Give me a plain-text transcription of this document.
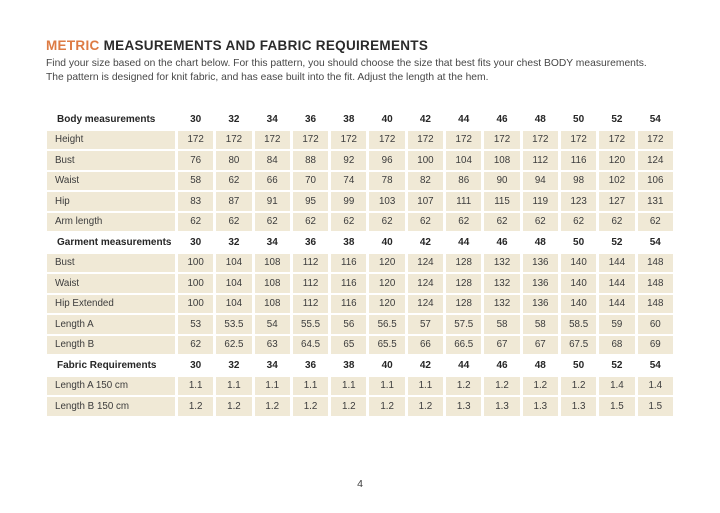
METRIC MEASUREMENTS AND FABRIC REQUIREMENTS
Find your size based on the chart below. For this pattern, you should choose the size that best fits your chest BODY measurements.
The pattern is designed for knit fabric, and has ease built into the fit. Adjust the length at the hem.
Body measurements	30	32	34	36	38	40	42	44	46	48	50	52	54
Height	172	172	172	172	172	172	172	172	172	172	172	172	172
Bust	76	80	84	88	92	96	100	104	108	112	116	120	124
Waist	58	62	66	70	74	78	82	86	90	94	98	102	106
Hip	83	87	91	95	99	103	107	111	115	119	123	127	131
Arm length	62	62	62	62	62	62	62	62	62	62	62	62	62
Garment measurements	30	32	34	36	38	40	42	44	46	48	50	52	54
Bust	100	104	108	112	116	120	124	128	132	136	140	144	148
Waist	100	104	108	112	116	120	124	128	132	136	140	144	148
Hip Extended	100	104	108	112	116	120	124	128	132	136	140	144	148
Length A	53	53.5	54	55.5	56	56.5	57	57.5	58	58	58.5	59	60
Length B	62	62.5	63	64.5	65	65.5	66	66.5	67	67	67.5	68	69
Fabric Requirements	30	32	34	36	38	40	42	44	46	48	50	52	54
Length A 150 cm	1.1	1.1	1.1	1.1	1.1	1.1	1.1	1.2	1.2	1.2	1.2	1.4	1.4
Length B 150 cm	1.2	1.2	1.2	1.2	1.2	1.2	1.2	1.3	1.3	1.3	1.3	1.5	1.5
4
